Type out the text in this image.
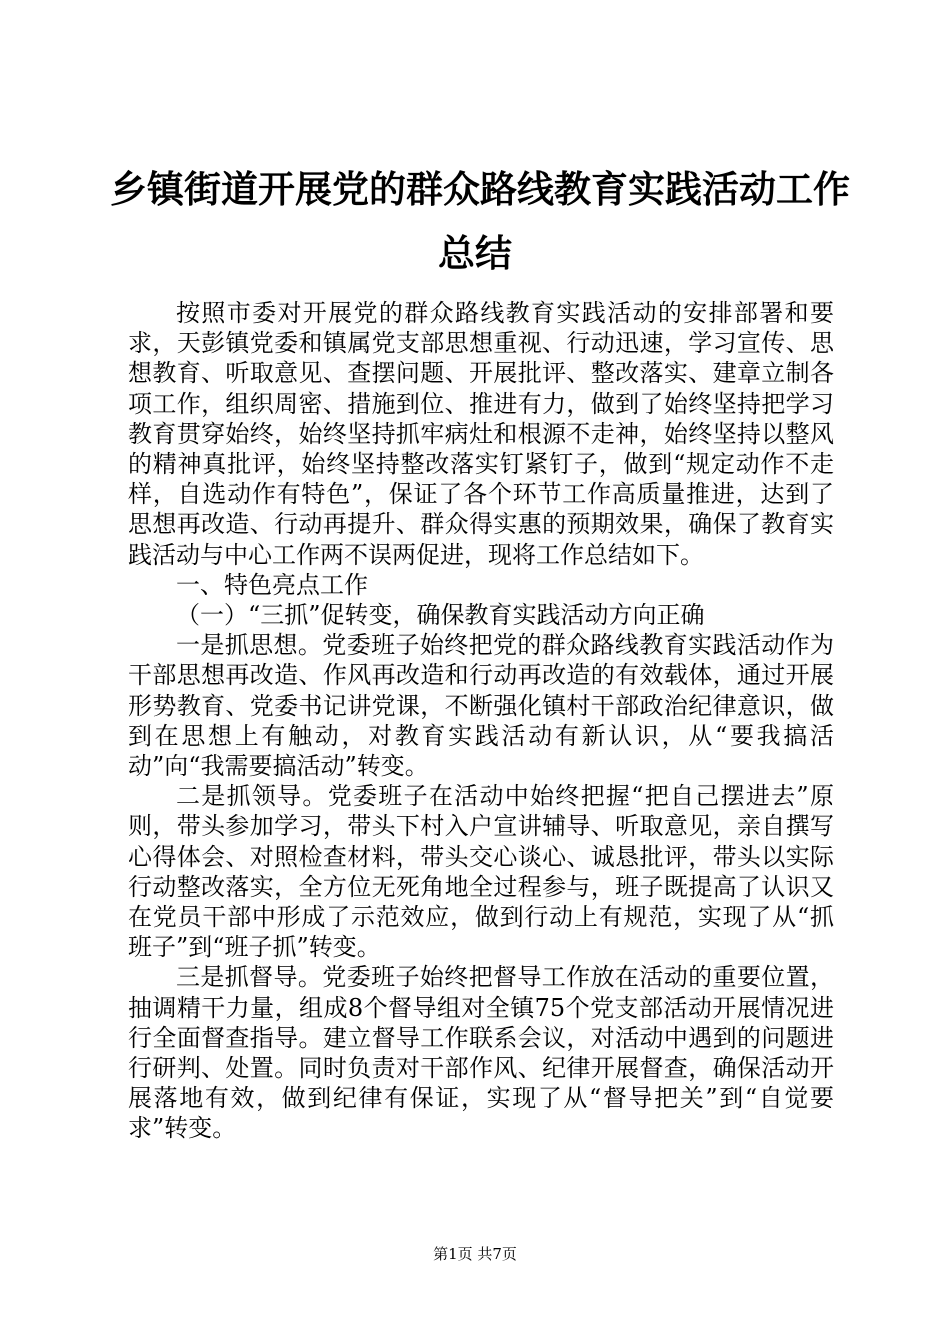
乡镇街道开展党的群众路线教育实践活动工作
总结

按照市委对开展党的群众路线教育实践活动的安排部署和要求，天彭镇党委和镇属党支部思想重视、行动迅速，学习宣传、思想教育、听取意见、查摆问题、开展批评、整改落实、建章立制各项工作，组织周密、措施到位、推进有力，做到了始终坚持把学习教育贯穿始终，始终坚持抓牢病灶和根源不走神，始终坚持以整风的精神真批评，始终坚持整改落实钉紧钉子，做到“规定动作不走样，自选动作有特色”，保证了各个环节工作高质量推进，达到了思想再改造、行动再提升、群众得实惠的预期效果，确保了教育实践活动与中心工作两不误两促进，现将工作总结如下。

一、特色亮点工作

（一）“三抓”促转变，确保教育实践活动方向正确

一是抓思想。党委班子始终把党的群众路线教育实践活动作为干部思想再改造、作风再改造和行动再改造的有效载体，通过开展形势教育、党委书记讲党课，不断强化镇村干部政治纪律意识，做到在思想上有触动，对教育实践活动有新认识，从“要我搞活动”向“我需要搞活动”转变。

二是抓领导。党委班子在活动中始终把握“把自己摆进去”原则，带头参加学习，带头下村入户宣讲辅导、听取意见，亲自撰写心得体会、对照检查材料，带头交心谈心、诚恳批评，带头以实际行动整改落实，全方位无死角地全过程参与，班子既提高了认识又在党员干部中形成了示范效应，做到行动上有规范，实现了从“抓班子”到“班子抓”转变。

三是抓督导。党委班子始终把督导工作放在活动的重要位置，抽调精干力量，组成8个督导组对全镇75个党支部活动开展情况进行全面督查指导。建立督导工作联系会议，对活动中遇到的问题进行研判、处置。同时负责对干部作风、纪律开展督查，确保活动开展落地有效，做到纪律有保证，实现了从“督导把关”到“自觉要求”转变。

第1页 共7页
